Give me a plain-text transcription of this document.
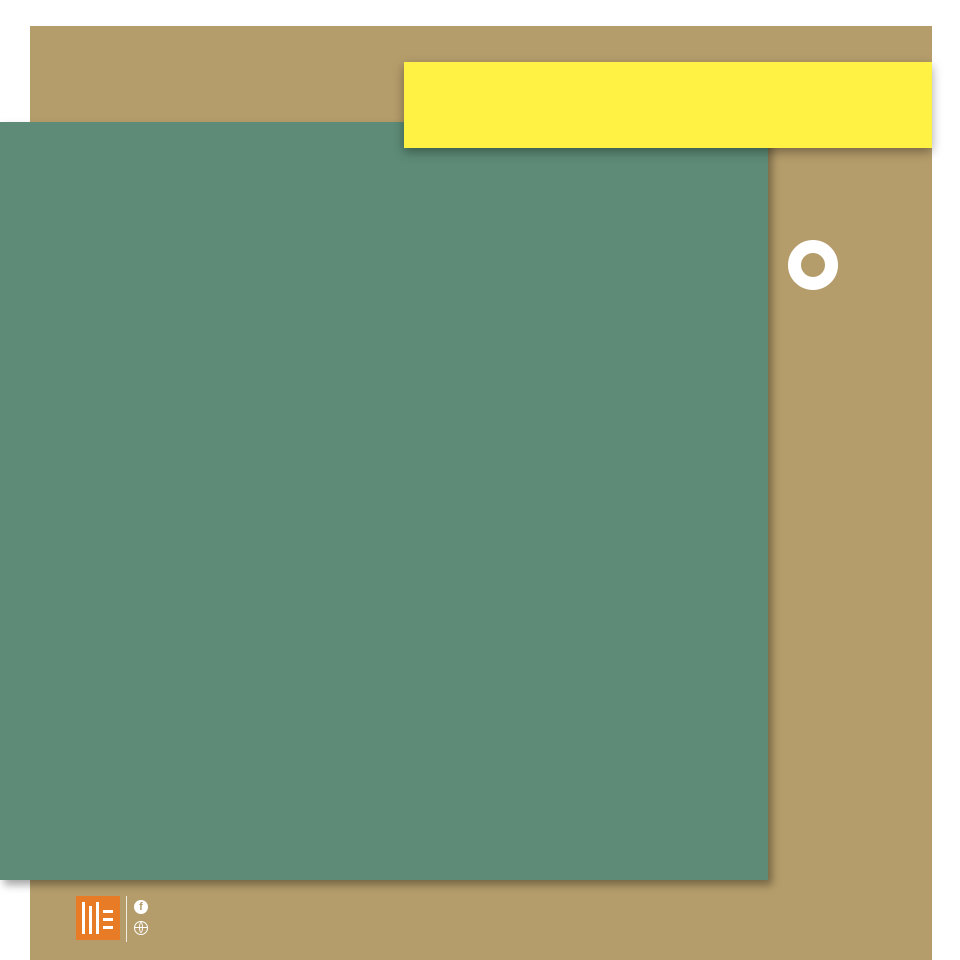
f
